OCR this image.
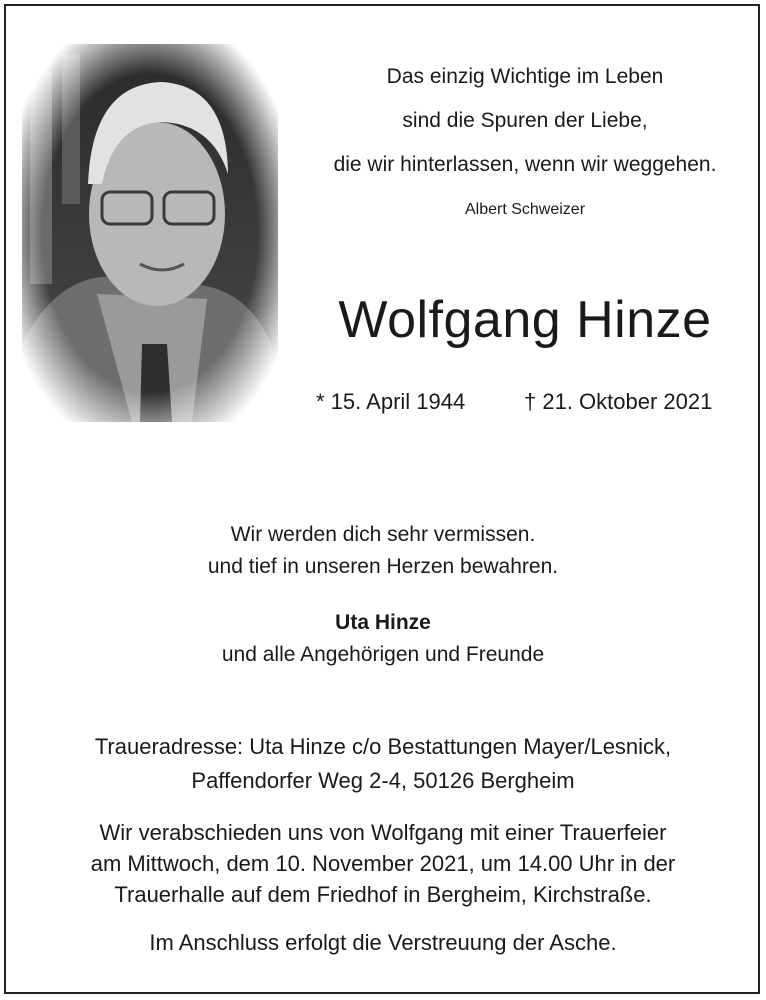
Das einzig Wichtige im Leben
sind die Spuren der Liebe,
die wir hinterlassen, wenn wir weggehen.
Albert Schweizer
Wolfgang Hinze
* 15. April 1944	† 21. Oktober 2021
Wir werden dich sehr vermissen.
und tief in unseren Herzen bewahren.
Uta Hinze
und alle Angehörigen und Freunde
Traueradresse: Uta Hinze c/o Bestattungen Mayer/Lesnick,
Paffendorfer Weg 2-4, 50126 Bergheim
Wir verabschieden uns von Wolfgang mit einer Trauerfeier
am Mittwoch, dem 10. November 2021, um 14.00 Uhr in der
Trauerhalle auf dem Friedhof in Bergheim, Kirchstraße.
Im Anschluss erfolgt die Verstreuung der Asche.
